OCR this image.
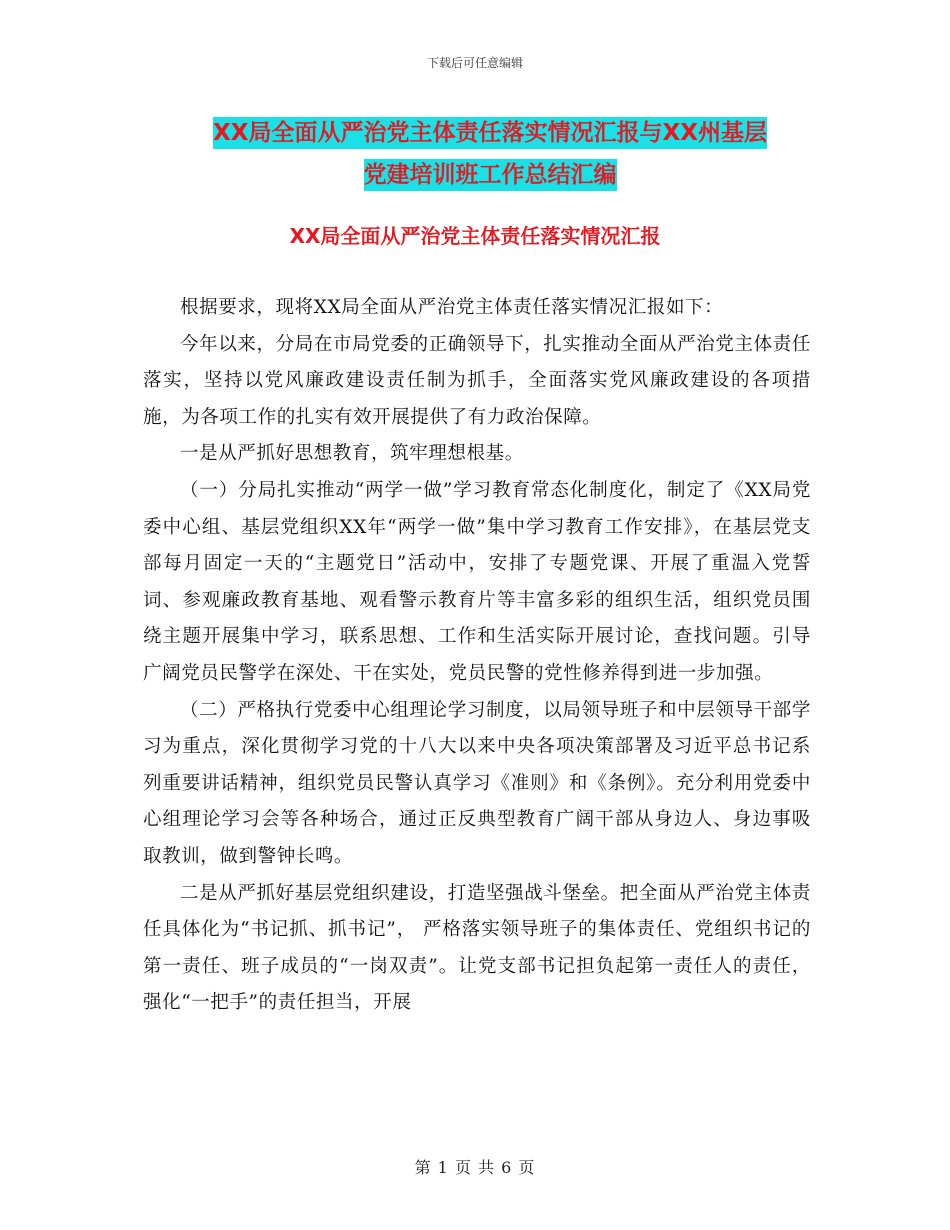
下载后可任意编辑
XX局全面从严治党主体责任落实情况汇报与XX州基层
党建培训班工作总结汇编
XX局全面从严治党主体责任落实情况汇报

根据要求，现将XX局全面从严治党主体责任落实情况汇报如下：

今年以来，分局在市局党委的正确领导下，扎实推动全面从严治党主体责任落实，坚持以党风廉政建设责任制为抓手，全面落实党风廉政建设的各项措施，为各项工作的扎实有效开展提供了有力政治保障。

一是从严抓好思想教育，筑牢理想根基。

（一）分局扎实推动“两学一做”学习教育常态化制度化，制定了《XX局党委中心组、基层党组织XX年“两学一做”集中学习教育工作安排》，在基层党支部每月固定一天的“主题党日”活动中，安排了专题党课、开展了重温入党誓词、参观廉政教育基地、观看警示教育片等丰富多彩的组织生活，组织党员围绕主题开展集中学习，联系思想、工作和生活实际开展讨论，查找问题。引导广阔党员民警学在深处、干在实处，党员民警的党性修养得到进一步加强。

（二）严格执行党委中心组理论学习制度，以局领导班子和中层领导干部学习为重点，深化贯彻学习党的十八大以来中央各项决策部署及习近平总书记系列重要讲话精神，组织党员民警认真学习《准则》和《条例》。充分利用党委中心组理论学习会等各种场合，通过正反典型教育广阔干部从身边人、身边事吸取教训，做到警钟长鸣。

二是从严抓好基层党组织建设，打造坚强战斗堡垒。把全面从严治党主体责任具体化为“书记抓、抓书记”， 严格落实领导班子的集体责任、党组织书记的第一责任、班子成员的“一岗双责”。让党支部书记担负起第一责任人的责任，强化“一把手”的责任担当，开展

第 1 页 共 6 页
